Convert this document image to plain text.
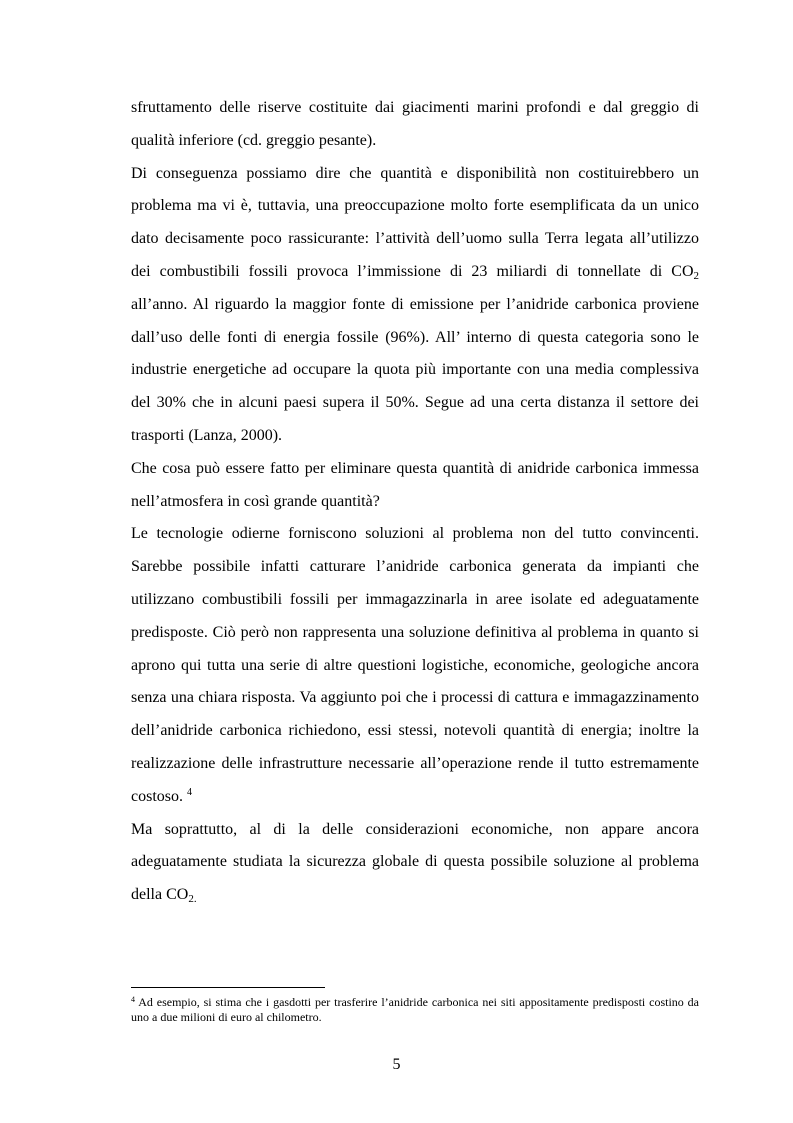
sfruttamento delle riserve costituite dai giacimenti marini profondi e dal greggio di qualità inferiore (cd. greggio pesante).

Di conseguenza possiamo dire che quantità e disponibilità non costituirebbero un problema ma vi è, tuttavia, una preoccupazione molto forte esemplificata da un unico dato decisamente poco rassicurante: l’attività dell’uomo sulla Terra legata all’utilizzo dei combustibili fossili provoca l’immissione di 23 miliardi di tonnellate di $CO_2$ all’anno. Al riguardo la maggior fonte di emissione per l’anidride carbonica proviene dall’uso delle fonti di energia fossile (96%). All’ interno di questa categoria sono le industrie energetiche ad occupare la quota più importante con una media complessiva del 30% che in alcuni paesi supera il 50%. Segue ad una certa distanza il settore dei trasporti (Lanza, 2000).

Che cosa può essere fatto per eliminare questa quantità di anidride carbonica immessa nell’atmosfera in così grande quantità?

Le tecnologie odierne forniscono soluzioni al problema non del tutto convincenti. Sarebbe possibile infatti catturare l’anidride carbonica generata da impianti che utilizzano combustibili fossili per immagazzinarla in aree isolate ed adeguatamente predisposte. Ciò però non rappresenta una soluzione definitiva al problema in quanto si aprono qui tutta una serie di altre questioni logistiche, economiche, geologiche ancora senza una chiara risposta. Va aggiunto poi che i processi di cattura e immagazzinamento dell’anidride carbonica richiedono, essi stessi, notevoli quantità di energia; inoltre la realizzazione delle infrastrutture necessarie all’operazione rende il tutto estremamente costoso. $^4$

Ma soprattutto, al di la delle considerazioni economiche, non appare ancora adeguatamente studiata la sicurezza globale di questa possibile soluzione al problema della $CO_{2.}$

$^4$ Ad esempio, si stima che i gasdotti per trasferire l’anidride carbonica nei siti appositamente predisposti costino da uno a due milioni di euro al chilometro.
5
